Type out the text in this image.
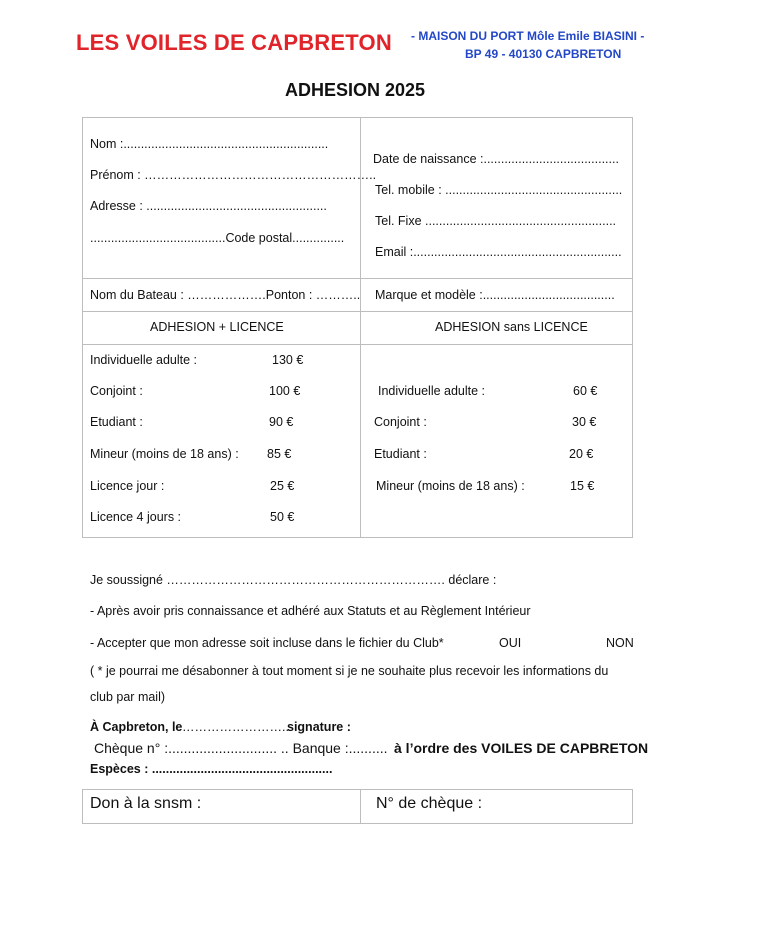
LES VOILES DE CAPBRETON - MAISON DU PORT Môle Emile BIASINI -
BP 49 - 40130 CAPBRETON
ADHESION 2025
Nom :...........................................................
Prénom : ………………………………………………..
Adresse : ....................................................
.......................................Code postal...............
Date de naissance :.......................................
Tel. mobile : ...................................................
Tel. Fixe .......................................................
Email :............................................................
Nom du Bateau : ……………….Ponton : ……….. Marque et modèle :......................................
ADHESION + LICENCE	ADHESION sans LICENCE
Individuelle adulte :	130 €
Conjoint :	100 €
Etudiant :	90 €
Mineur (moins de 18 ans) : 85 €
Licence jour :	25 €
Licence 4 jours :	50 €
Individuelle adulte :	60 €
Conjoint :	30 €
Etudiant :	20 €
Mineur (moins de 18 ans) :	15 €
Je soussigné …………………………………………………………. déclare :
- Après avoir pris connaissance et adhéré aux Statuts et au Règlement Intérieur
- Accepter que mon adresse soit incluse dans le fichier du Club*	OUI	NON
( * je pourrai me désabonner à tout moment si je ne souhaite plus recevoir les informations du
club par mail)
À Capbreton, le ……………………..
signature :
Chèque n° :............................ .. Banque :.......... à l’ordre des VOILES DE CAPBRETON
Espèces : ....................................................
Don à la snsm :	N° de chèque :
